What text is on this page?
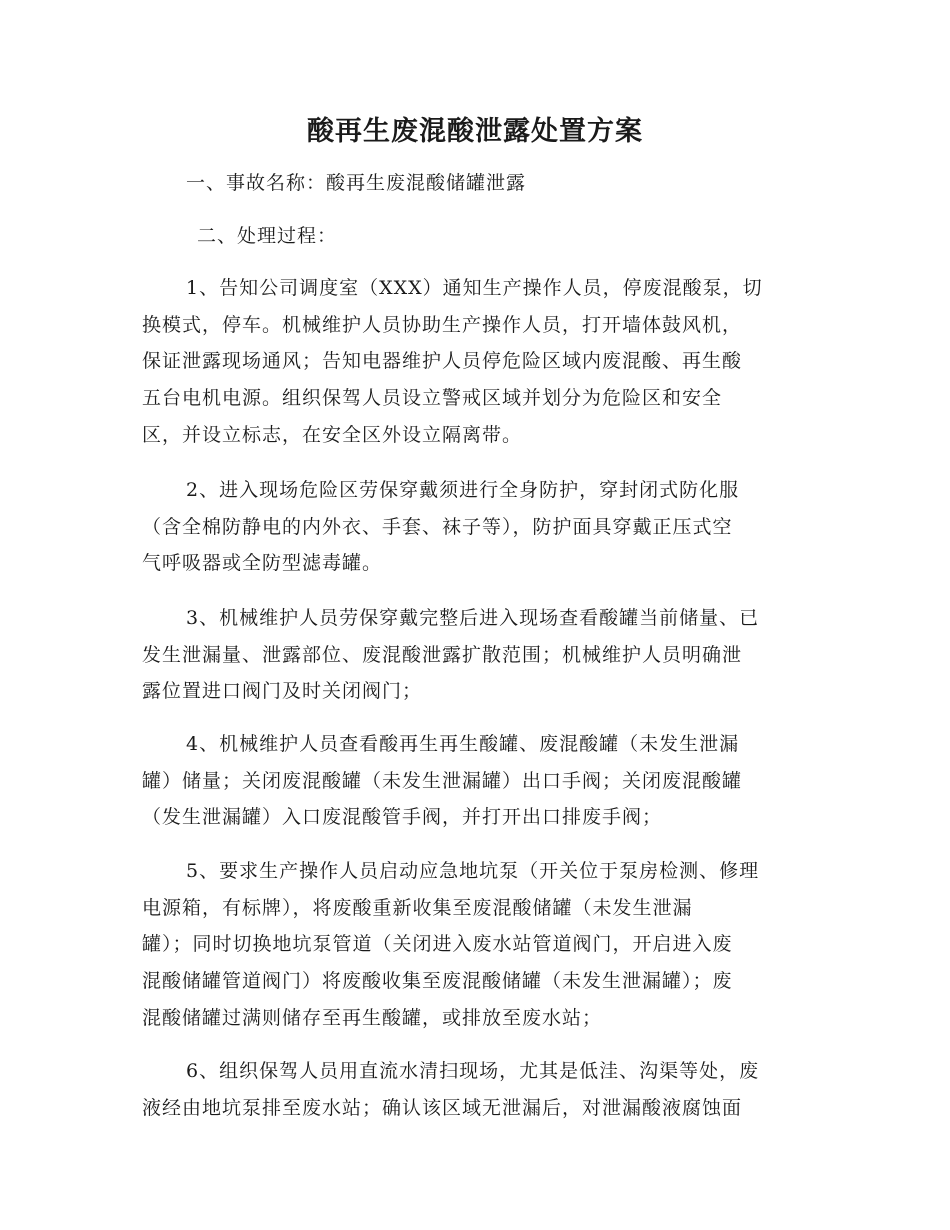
酸再生废混酸泄露处置方案
一、事故名称：酸再生废混酸储罐泄露
二、处理过程：
1、告知公司调度室（XXX）通知生产操作人员，停废混酸泵，切
换模式，停车。机械维护人员协助生产操作人员，打开墙体鼓风机，
保证泄露现场通风；告知电器维护人员停危险区域内废混酸、再生酸
五台电机电源。组织保驾人员设立警戒区域并划分为危险区和安全
区，并设立标志，在安全区外设立隔离带。
2、进入现场危险区劳保穿戴须进行全身防护，穿封闭式防化服
（含全棉防静电的内外衣、手套、袜子等），防护面具穿戴正压式空
气呼吸器或全防型滤毒罐。
3、机械维护人员劳保穿戴完整后进入现场查看酸罐当前储量、已
发生泄漏量、泄露部位、废混酸泄露扩散范围；机械维护人员明确泄
露位置进口阀门及时关闭阀门；
4、机械维护人员查看酸再生再生酸罐、废混酸罐（未发生泄漏
罐）储量；关闭废混酸罐（未发生泄漏罐）出口手阀；关闭废混酸罐
（发生泄漏罐）入口废混酸管手阀，并打开出口排废手阀；
5、要求生产操作人员启动应急地坑泵（开关位于泵房检测、修理
电源箱，有标牌），将废酸重新收集至废混酸储罐（未发生泄漏
罐）；同时切换地坑泵管道（关闭进入废水站管道阀门，开启进入废
混酸储罐管道阀门）将废酸收集至废混酸储罐（未发生泄漏罐）；废
混酸储罐过满则储存至再生酸罐，或排放至废水站；
6、组织保驾人员用直流水清扫现场，尤其是低洼、沟渠等处，废
液经由地坑泵排至废水站；确认该区域无泄漏后，对泄漏酸液腐蚀面
